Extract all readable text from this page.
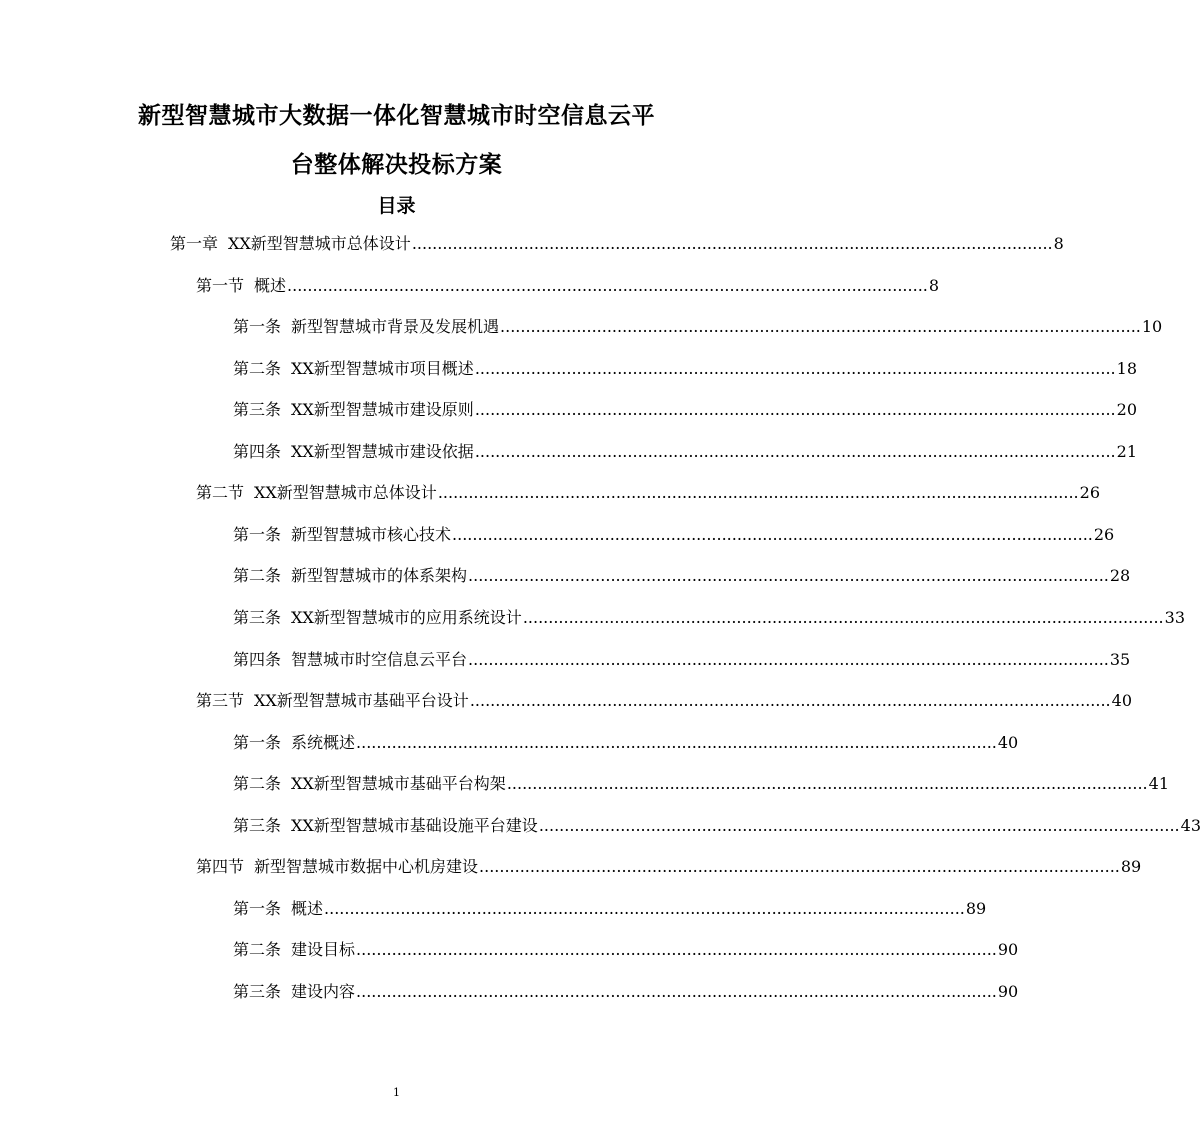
新型智慧城市大数据一体化智慧城市时空信息云平
台整体解决投标方案
目录
第一章 XX新型智慧城市总体设计 .............................................................................................................................. 8
第一节 概述 .............................................................................................................................. 8
第一条 新型智慧城市背景及发展机遇 .............................................................................................................................. 10
第二条 XX新型智慧城市项目概述 .............................................................................................................................. 18
第三条 XX新型智慧城市建设原则 .............................................................................................................................. 20
第四条 XX新型智慧城市建设依据 .............................................................................................................................. 21
第二节 XX新型智慧城市总体设计 .............................................................................................................................. 26
第一条 新型智慧城市核心技术 .............................................................................................................................. 26
第二条 新型智慧城市的体系架构 .............................................................................................................................. 28
第三条 XX新型智慧城市的应用系统设计 .............................................................................................................................. 33
第四条 智慧城市时空信息云平台 .............................................................................................................................. 35
第三节 XX新型智慧城市基础平台设计 .............................................................................................................................. 40
第一条 系统概述 .............................................................................................................................. 40
第二条 XX新型智慧城市基础平台构架 .............................................................................................................................. 41
第三条 XX新型智慧城市基础设施平台建设 .............................................................................................................................. 43
第四节 新型智慧城市数据中心机房建设 .............................................................................................................................. 89
第一条 概述 .............................................................................................................................. 89
第二条 建设目标 .............................................................................................................................. 90
第三条 建设内容 .............................................................................................................................. 90
1
